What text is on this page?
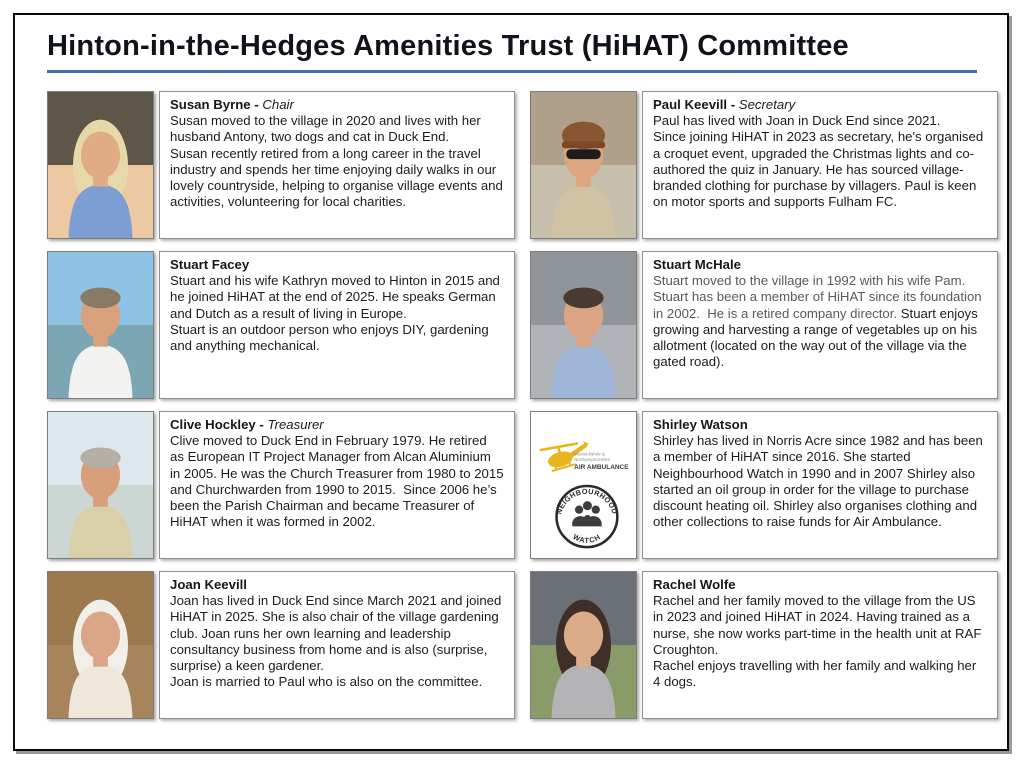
Hinton-in-the-Hedges Amenities Trust (HiHAT) Committee
Susan Byrne - Chair
Susan moved to the village in 2020 and lives with her husband Antony, two dogs and cat in Duck End.
Susan recently retired from a long career in the travel industry and spends her time enjoying daily walks in our lovely countryside, helping to organise village events and activities, volunteering for local charities.
Paul Keevill - Secretary
Paul has lived with Joan in Duck End since 2021.
Since joining HiHAT in 2023 as secretary, he's organised a croquet event, upgraded the Christmas lights and co-authored the quiz in January. He has sourced village-branded clothing for purchase by villagers. Paul is keen on motor sports and supports Fulham FC.
Stuart Facey
Stuart and his wife Kathryn moved to Hinton in 2015 and he joined HiHAT at the end of 2025. He speaks German and Dutch as a result of living in Europe.
Stuart is an outdoor person who enjoys DIY, gardening and anything mechanical.
Stuart McHale
Stuart moved to the village in 1992 with his wife Pam. Stuart has been a member of HiHAT since its foundation in 2002.  He is a retired company director. Stuart enjoys growing and harvesting a range of vegetables up on his allotment (located on the way out of the village via the gated road).
Clive Hockley - Treasurer
Clive moved to Duck End in February 1979. He retired as European IT Project Manager from Alcan Aluminium in 2005. He was the Church Treasurer from 1980 to 2015 and Churchwarden from 1990 to 2015.  Since 2006 he’s been the Parish Chairman and became Treasurer of HiHAT when it was formed in 2002.
Warwickshire &
Northamptonshire
AIR AMBULANCE
NEIGHBOURHOOD
WATCH
Shirley Watson
Shirley has lived in Norris Acre since 1982 and has been a member of HiHAT since 2016. She started Neighbourhood Watch in 1990 and in 2007 Shirley also started an oil group in order for the village to purchase discount heating oil. Shirley also organises clothing and other collections to raise funds for Air Ambulance.
Joan Keevill
Joan has lived in Duck End since March 2021 and joined HiHAT in 2025. She is also chair of the village gardening club. Joan runs her own learning and leadership consultancy business from home and is also (surprise, surprise) a keen gardener.
Joan is married to Paul who is also on the committee.
Rachel Wolfe
Rachel and her family moved to the village from the US in 2023 and joined HiHAT in 2024. Having trained as a nurse, she now works part-time in the health unit at RAF Croughton.
Rachel enjoys travelling with her family and walking her 4 dogs.
